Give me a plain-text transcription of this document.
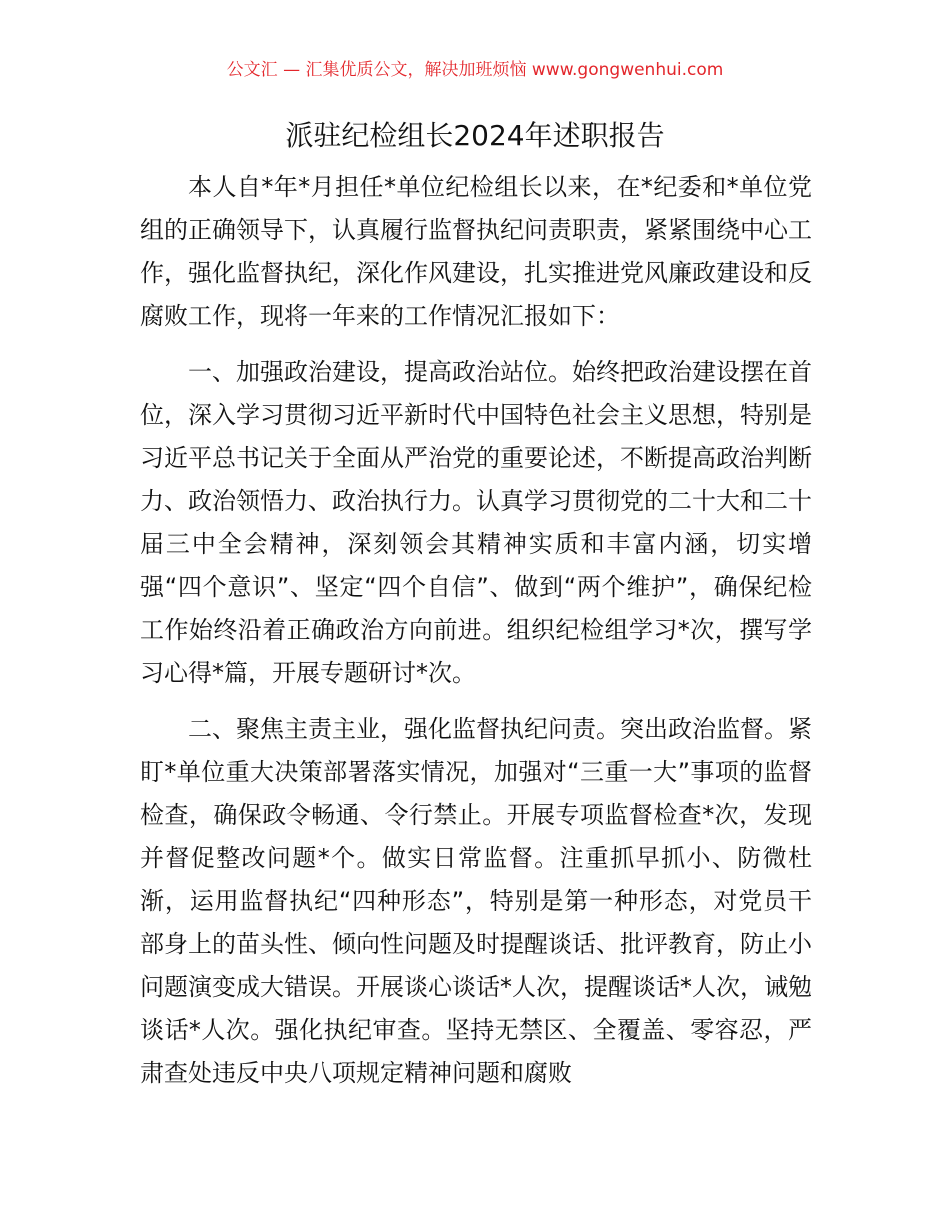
公文汇 — 汇集优质公文，解决加班烦恼 www.gongwenhui.com
派驻纪检组长2024年述职报告

本人自*年*月担任*单位纪检组长以来，在*纪委和*单位党组的正确领导下，认真履行监督执纪问责职责，紧紧围绕中心工作，强化监督执纪，深化作风建设，扎实推进党风廉政建设和反腐败工作，现将一年来的工作情况汇报如下：

一、加强政治建设，提高政治站位。始终把政治建设摆在首位，深入学习贯彻习近平新时代中国特色社会主义思想，特别是习近平总书记关于全面从严治党的重要论述，不断提高政治判断力、政治领悟力、政治执行力。认真学习贯彻党的二十大和二十届三中全会精神，深刻领会其精神实质和丰富内涵，切实增强“四个意识”、坚定“四个自信”、做到“两个维护”，确保纪检工作始终沿着正确政治方向前进。组织纪检组学习*次，撰写学习心得*篇，开展专题研讨*次。

二、聚焦主责主业，强化监督执纪问责。突出政治监督。紧盯*单位重大决策部署落实情况，加强对“三重一大”事项的监督检查，确保政令畅通、令行禁止。开展专项监督检查*次，发现并督促整改问题*个。做实日常监督。注重抓早抓小、防微杜渐，运用监督执纪“四种形态”，特别是第一种形态，对党员干部身上的苗头性、倾向性问题及时提醒谈话、批评教育，防止小问题演变成大错误。开展谈心谈话*人次，提醒谈话*人次，诫勉谈话*人次。强化执纪审查。坚持无禁区、全覆盖、零容忍，严肃查处违反中央八项规定精神问题和腐败
